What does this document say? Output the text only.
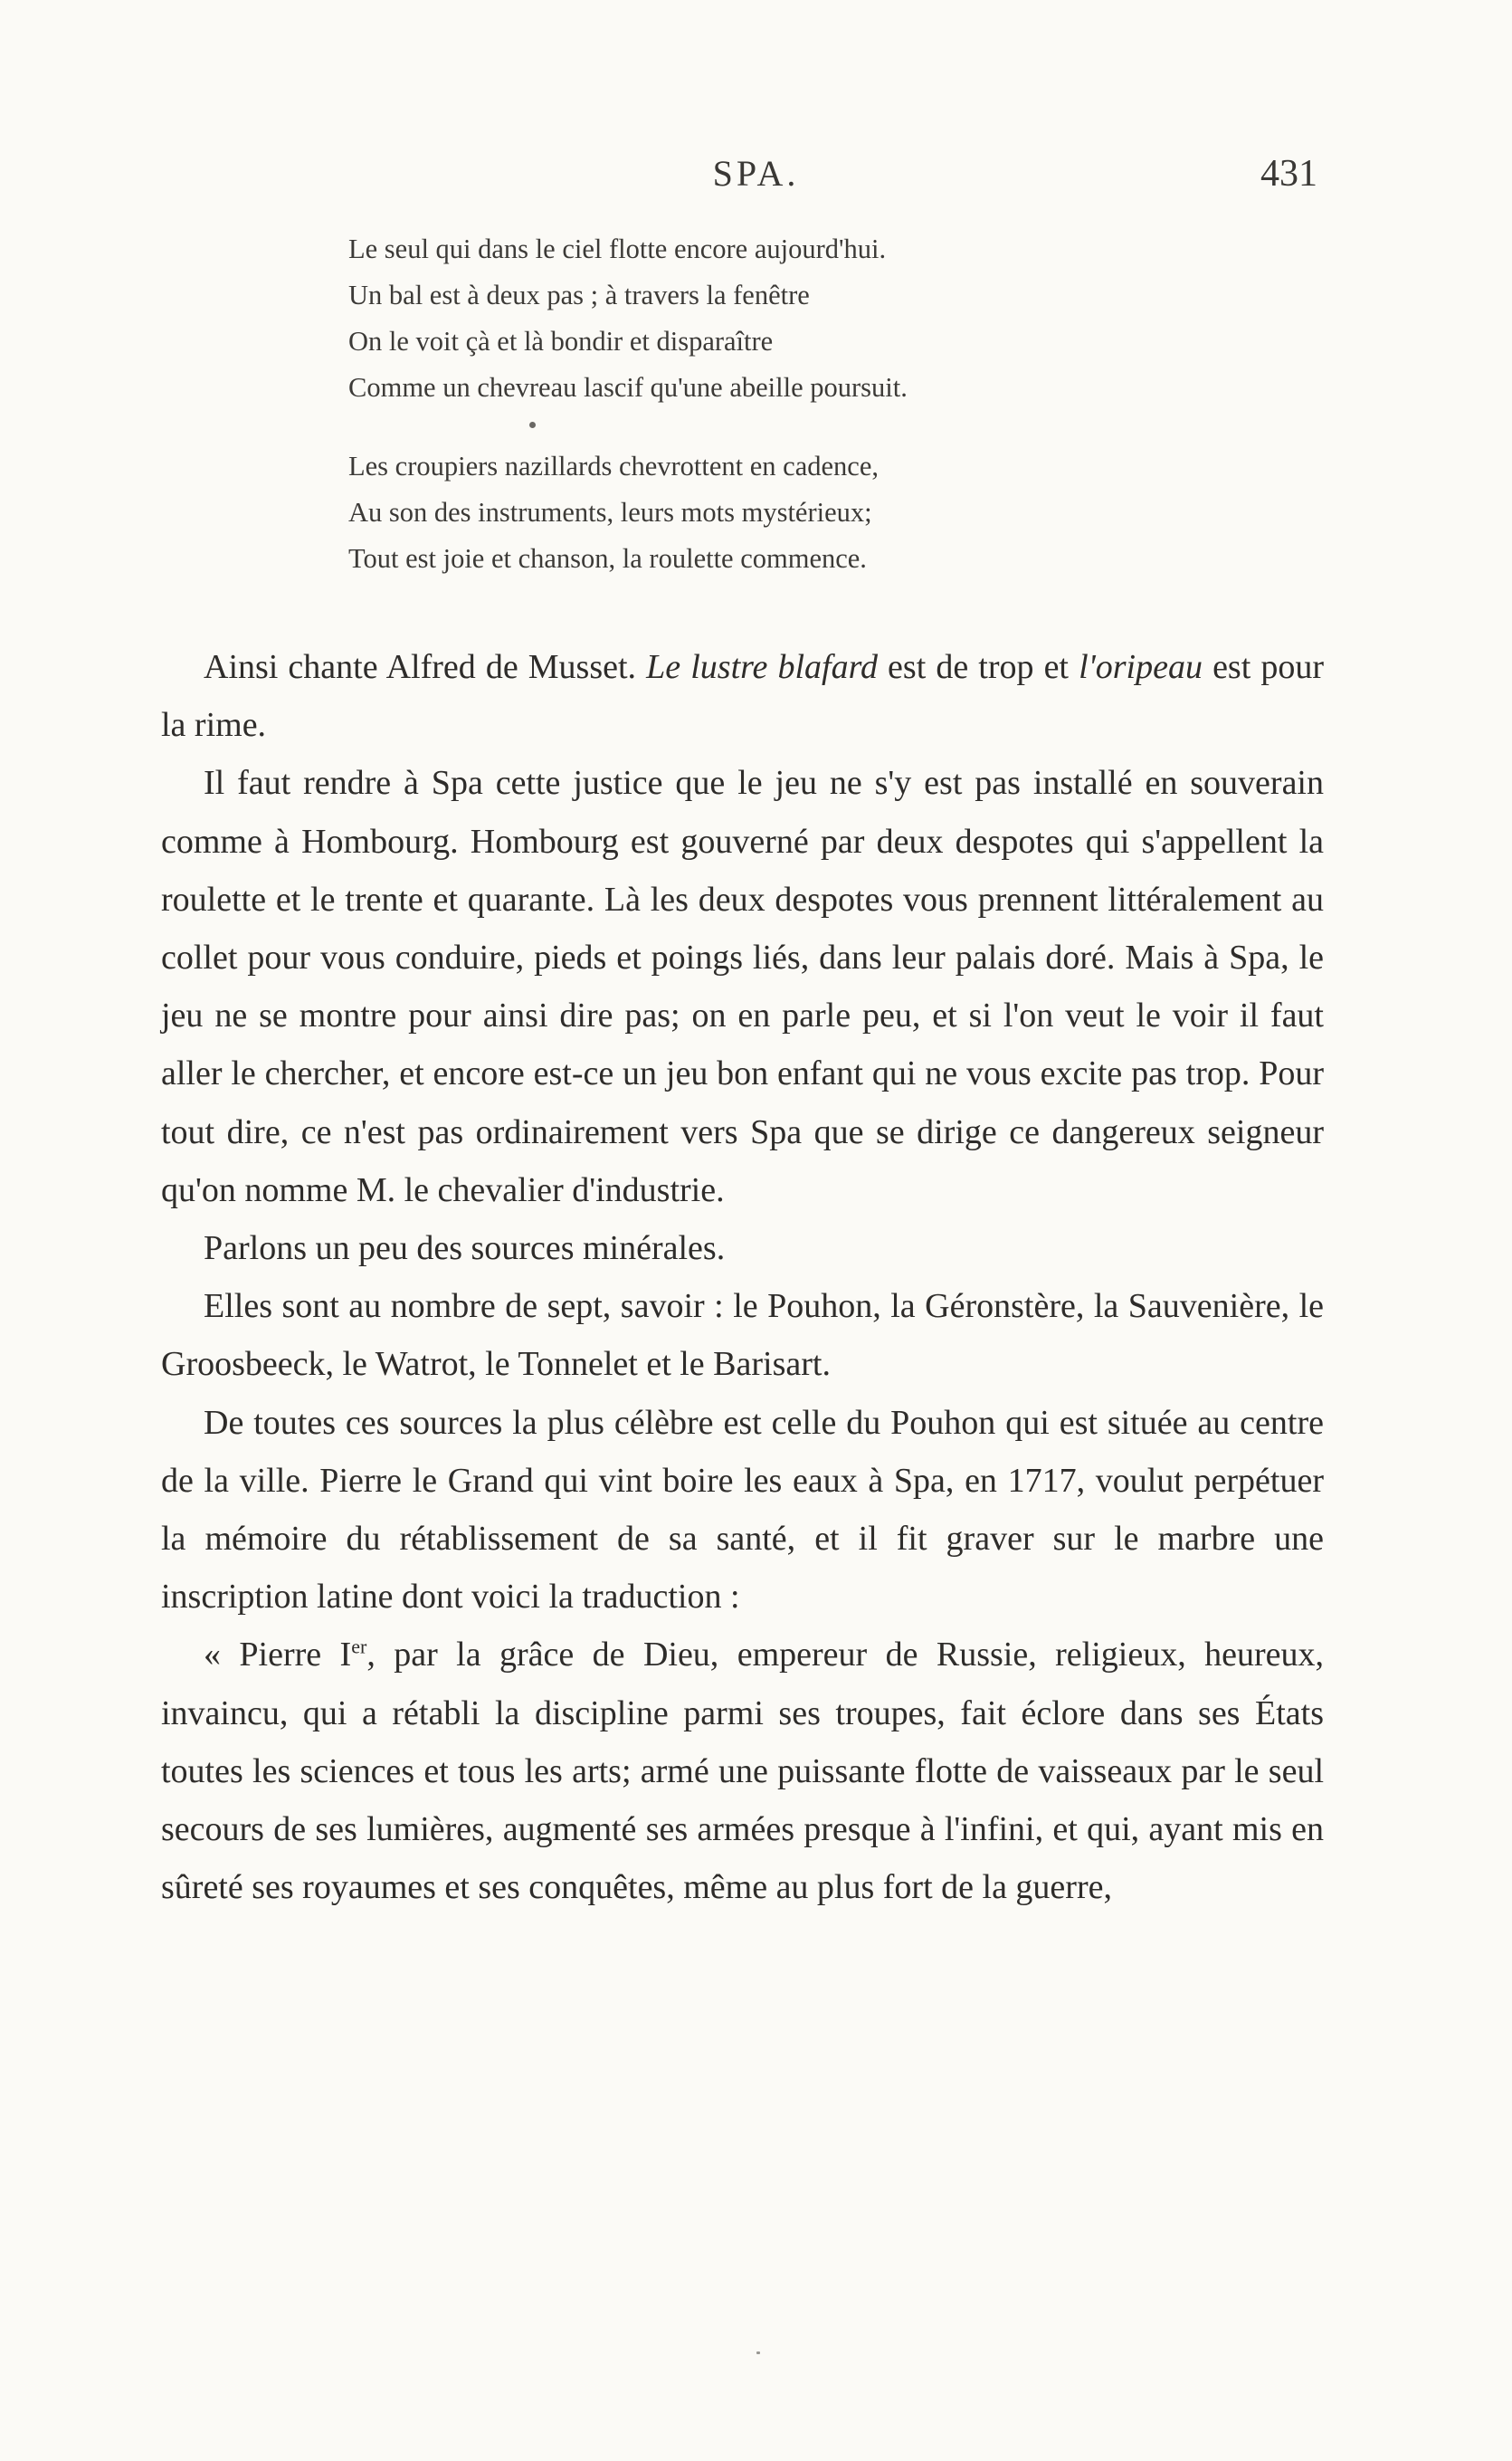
SPA.	431
Le seul qui dans le ciel flotte encore aujourd'hui.
Un bal est à deux pas ; à travers la fenêtre
On le voit çà et là bondir et disparaître
Comme un chevreau lascif qu'une abeille poursuit.
Les croupiers nazillards chevrottent en cadence,
Au son des instruments, leurs mots mystérieux;
Tout est joie et chanson, la roulette commence.

Ainsi chante Alfred de Musset. Le lustre blafard est de trop et l'oripeau est pour la rime.

Il faut rendre à Spa cette justice que le jeu ne s'y est pas installé en souverain comme à Hombourg. Hombourg est gouverné par deux despotes qui s'appellent la roulette et le trente et quarante. Là les deux despotes vous prennent littéralement au collet pour vous conduire, pieds et poings liés, dans leur palais doré. Mais à Spa, le jeu ne se montre pour ainsi dire pas; on en parle peu, et si l'on veut le voir il faut aller le chercher, et encore est-ce un jeu bon enfant qui ne vous excite pas trop. Pour tout dire, ce n'est pas ordinairement vers Spa que se dirige ce dangereux seigneur qu'on nomme M. le chevalier d'industrie.

Parlons un peu des sources minérales.

Elles sont au nombre de sept, savoir : le Pouhon, la Géronstère, la Sauvenière, le Groosbeeck, le Watrot, le Tonnelet et le Barisart.

De toutes ces sources la plus célèbre est celle du Pouhon qui est située au centre de la ville. Pierre le Grand qui vint boire les eaux à Spa, en 1717, voulut perpétuer la mémoire du rétablissement de sa santé, et il fit graver sur le marbre une inscription latine dont voici la traduction :

« Pierre Ier, par la grâce de Dieu, empereur de Russie, religieux, heureux, invaincu, qui a rétabli la discipline parmi ses troupes, fait éclore dans ses États toutes les sciences et tous les arts; armé une puissante flotte de vaisseaux par le seul secours de ses lumières, augmenté ses armées presque à l'infini, et qui, ayant mis en sûreté ses royaumes et ses conquêtes, même au plus fort de la guerre,
